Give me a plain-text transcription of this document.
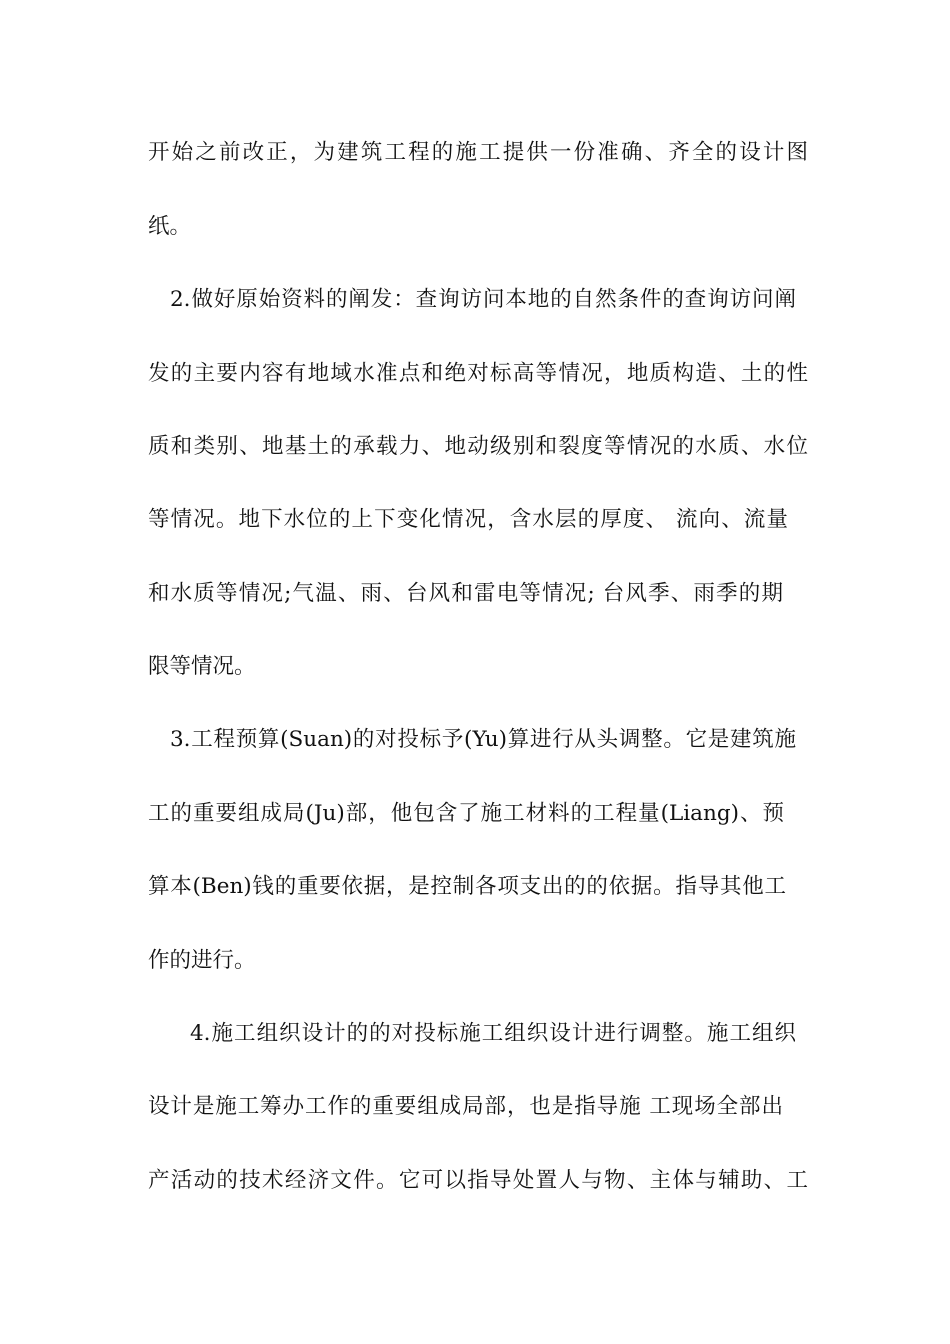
开始之前改正，为建筑工程的施工提供一份准确、齐全的设计图
纸。
2.做好原始资料的阐发：查询访问本地的自然条件的查询访问阐
发的主要内容有地域水准点和绝对标高等情况，地质构造、土的性
质和类别、地基土的承载力、地动级别和裂度等情况的水质、水位
等情况。地下水位的上下变化情况，含水层的厚度、 流向、流量
和水质等情况;气温、雨、台风和雷电等情况; 台风季、雨季的期
限等情况。
3.工程预算(Suan)的对投标予(Yu)算进行从头调整。它是建筑施
工的重要组成局(Ju)部，他包含了施工材料的工程量(Liang)、预
算本(Ben)钱的重要依据，是控制各项支出的的依据。指导其他工
作的进行。
4.施工组织设计的的对投标施工组织设计进行调整。施工组织
设计是施工筹办工作的重要组成局部，也是指导施 工现场全部出
产活动的技术经济文件。它可以指导处置人与物、主体与辅助、工
